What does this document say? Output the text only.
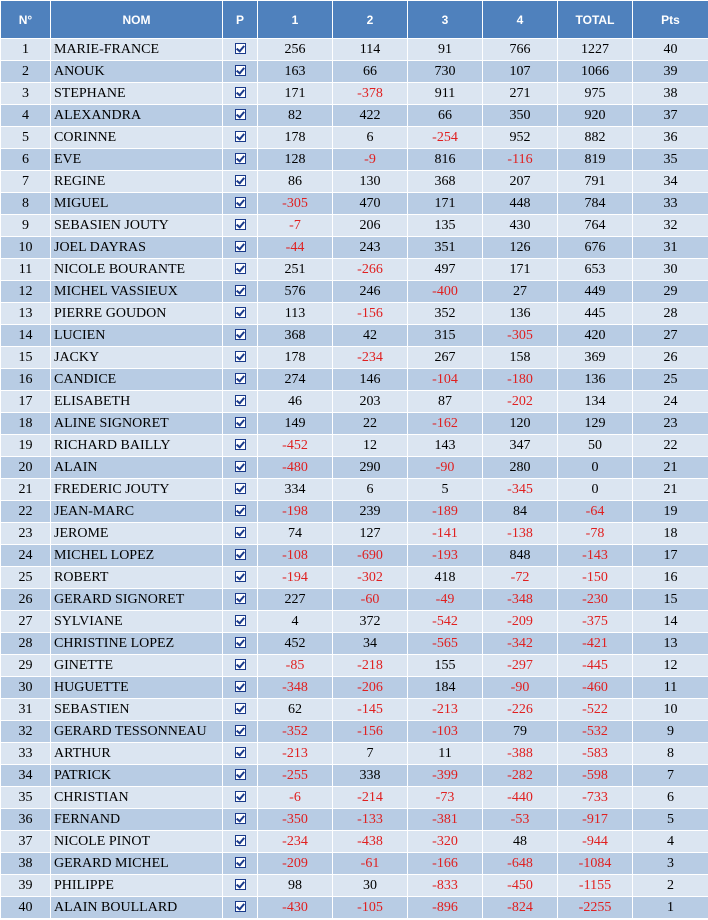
N°	NOM	P	1	2	3	4	TOTAL	Pts
1	MARIE-FRANCE		256	114	91	766	1227	40
2	ANOUK		163	66	730	107	1066	39
3	STEPHANE		171	-378	911	271	975	38
4	ALEXANDRA		82	422	66	350	920	37
5	CORINNE		178	6	-254	952	882	36
6	EVE		128	-9	816	-116	819	35
7	REGINE		86	130	368	207	791	34
8	MIGUEL		-305	470	171	448	784	33
9	SEBASIEN JOUTY		-7	206	135	430	764	32
10	JOEL DAYRAS		-44	243	351	126	676	31
11	NICOLE BOURANTE		251	-266	497	171	653	30
12	MICHEL VASSIEUX		576	246	-400	27	449	29
13	PIERRE GOUDON		113	-156	352	136	445	28
14	LUCIEN		368	42	315	-305	420	27
15	JACKY		178	-234	267	158	369	26
16	CANDICE		274	146	-104	-180	136	25
17	ELISABETH		46	203	87	-202	134	24
18	ALINE SIGNORET		149	22	-162	120	129	23
19	RICHARD BAILLY		-452	12	143	347	50	22
20	ALAIN		-480	290	-90	280	0	21
21	FREDERIC JOUTY		334	6	5	-345	0	21
22	JEAN-MARC		-198	239	-189	84	-64	19
23	JEROME		74	127	-141	-138	-78	18
24	MICHEL LOPEZ		-108	-690	-193	848	-143	17
25	ROBERT		-194	-302	418	-72	-150	16
26	GERARD SIGNORET		227	-60	-49	-348	-230	15
27	SYLVIANE		4	372	-542	-209	-375	14
28	CHRISTINE LOPEZ		452	34	-565	-342	-421	13
29	GINETTE		-85	-218	155	-297	-445	12
30	HUGUETTE		-348	-206	184	-90	-460	11
31	SEBASTIEN		62	-145	-213	-226	-522	10
32	GERARD TESSONNEAU		-352	-156	-103	79	-532	9
33	ARTHUR		-213	7	11	-388	-583	8
34	PATRICK		-255	338	-399	-282	-598	7
35	CHRISTIAN		-6	-214	-73	-440	-733	6
36	FERNAND		-350	-133	-381	-53	-917	5
37	NICOLE PINOT		-234	-438	-320	48	-944	4
38	GERARD MICHEL		-209	-61	-166	-648	-1084	3
39	PHILIPPE		98	30	-833	-450	-1155	2
40	ALAIN BOULLARD		-430	-105	-896	-824	-2255	1
